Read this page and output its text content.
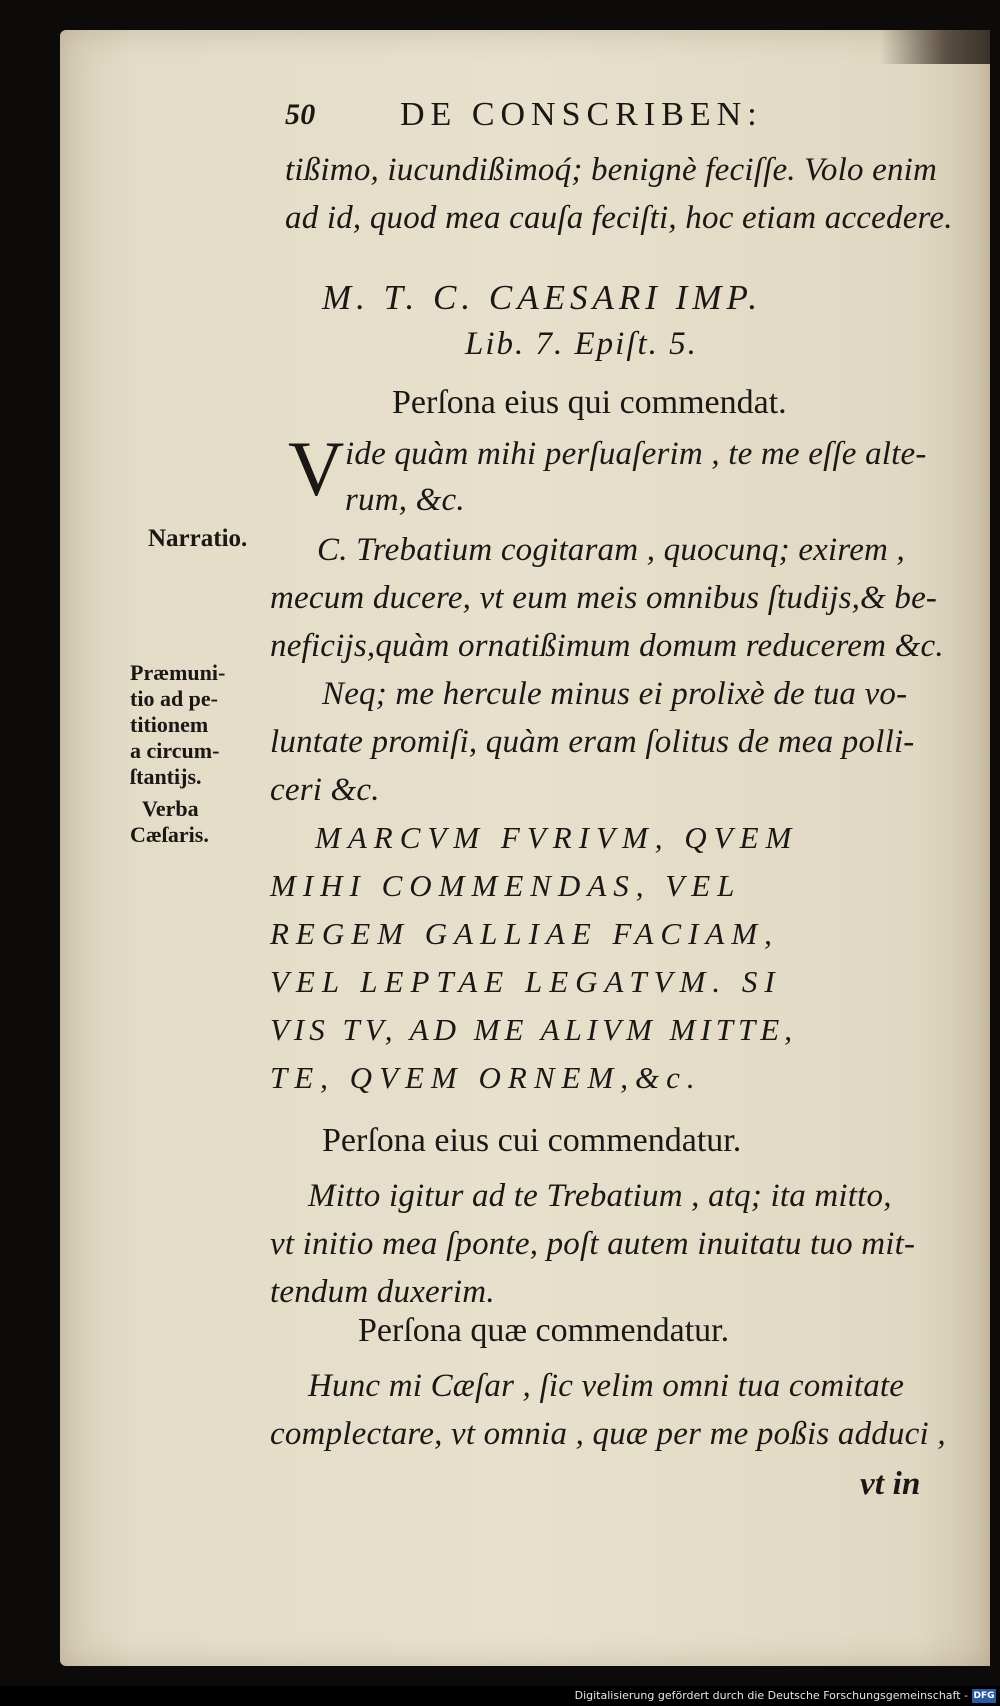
50 DE CONSCRIBEN:
tißimo, iucundißimoq́; benignè feciſſe. Volo enim
ad id, quod mea cauſa feciſti, hoc etiam accedere.
M. T. C. CAESARI IMP.
Lib. 7. Epiſt. 5.
Perſona eius qui commendat.
V ide quàm mihi perſuaſerim , te me eſſe alte-
rum, &c.
Narratio. C. Trebatium cogitaram , quocunq; exirem ,
mecum ducere, vt eum meis omnibus ſtudijs,& be-
neficijs,quàm ornatißimum domum reducerem &c.
Præmuni-
tio ad pe-
titionem
a circum-
ſtantijs.
Neq; me hercule minus ei prolixè de tua vo-
luntate promiſi, quàm eram ſolitus de mea polli-
ceri &c.
Verba
Cæſaris.	MARCVM FVRIVM, QVEM
MIHI COMMENDAS, VEL
REGEM GALLIAE FACIAM,
VEL LEPTAE LEGATVM. SI
VIS TV, AD ME ALIVM MITTE,
TE, QVEM ORNEM,&c.
Perſona eius cui commendatur.
Mitto igitur ad te Trebatium , atq; ita mitto,
vt initio mea ſponte, poſt autem inuitatu tuo mit-
tendum duxerim.
Perſona quæ commendatur.
Hunc mi Cæſar , ſic velim omni tua comitate
complectare, vt omnia , quæ per me poßis adduci ,
vt in
Digitalisierung gefördert durch die Deutsche Forschungsgemeinschaft - DFG
